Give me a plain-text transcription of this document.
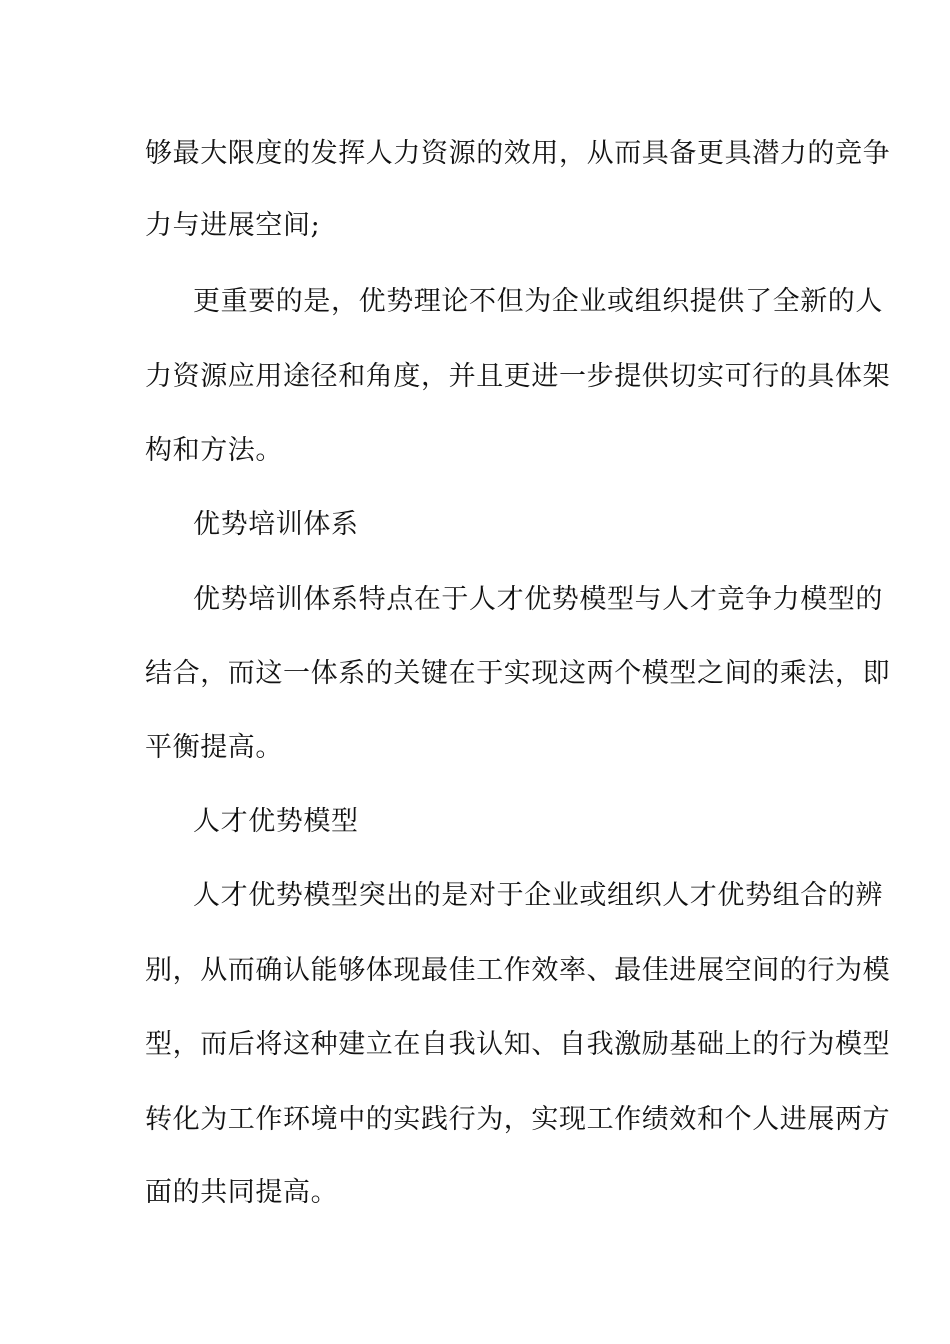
够最大限度的发挥人力资源的效用，从而具备更具潜力的竞争
力与进展空间;
更重要的是，优势理论不但为企业或组织提供了全新的人
力资源应用途径和角度，并且更进一步提供切实可行的具体架
构和方法。
优势培训体系
优势培训体系特点在于人才优势模型与人才竞争力模型的
结合，而这一体系的关键在于实现这两个模型之间的乘法，即
平衡提高。
人才优势模型
人才优势模型突出的是对于企业或组织人才优势组合的辨
别，从而确认能够体现最佳工作效率、最佳进展空间的行为模
型，而后将这种建立在自我认知、自我激励基础上的行为模型
转化为工作环境中的实践行为，实现工作绩效和个人进展两方
面的共同提高。
